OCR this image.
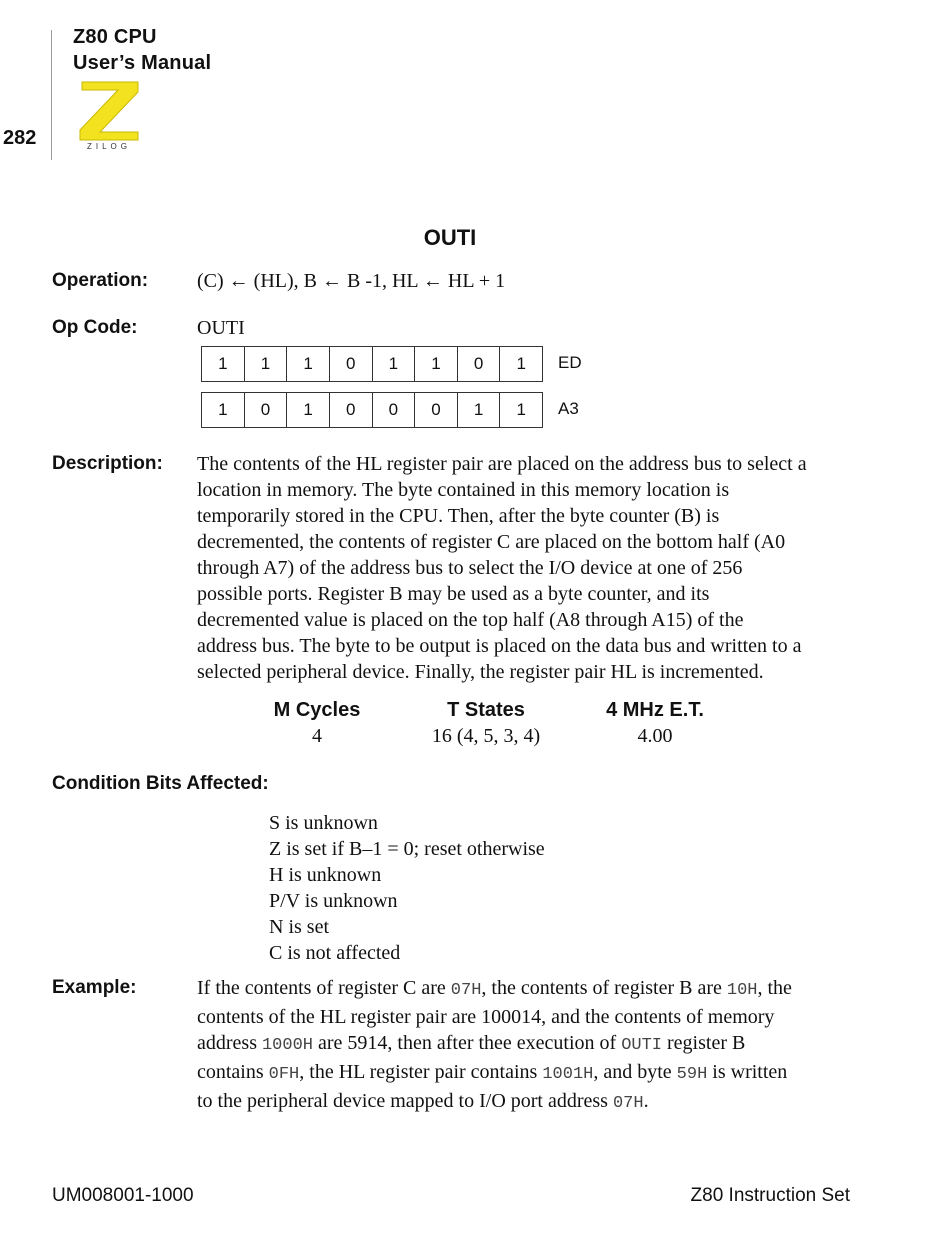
Z80 CPU
User’s Manual
282	ZILOG
OUTI
Operation: (C) ← (HL), B ← B -1, HL ← HL + 1
Op Code:	OUTI
1	1	1	0	1	1	0	1	ED
1	0	1	0	0	0	1	1	A3
Description: The contents of the HL register pair are placed on the address bus to select a
location in memory. The byte contained in this memory location is
temporarily stored in the CPU. Then, after the byte counter (B) is
decremented, the contents of register C are placed on the bottom half (A0
through A7) of the address bus to select the I/O device at one of 256
possible ports. Register B may be used as a byte counter, and its
decremented value is placed on the top half (A8 through A15) of the
address bus. The byte to be output is placed on the data bus and written to a
selected peripheral device. Finally, the register pair HL is incremented.
M Cycles	T States	4 MHz E.T.
4	16 (4, 5, 3, 4)	4.00
Condition Bits Affected:
S is unknown
Z is set if B–1 = 0; reset otherwise
H is unknown
P/V is unknown
N is set
C is not affected
Example:	If the contents of register C are 07H, the contents of register B are 10H, the
contents of the HL register pair are 100014, and the contents of memory
address 1000H are 5914, then after thee execution of OUTI register B
contains 0FH, the HL register pair contains 1001H, and byte 59H is written
to the peripheral device mapped to I/O port address 07H.
UM008001-1000	Z80 Instruction Set
